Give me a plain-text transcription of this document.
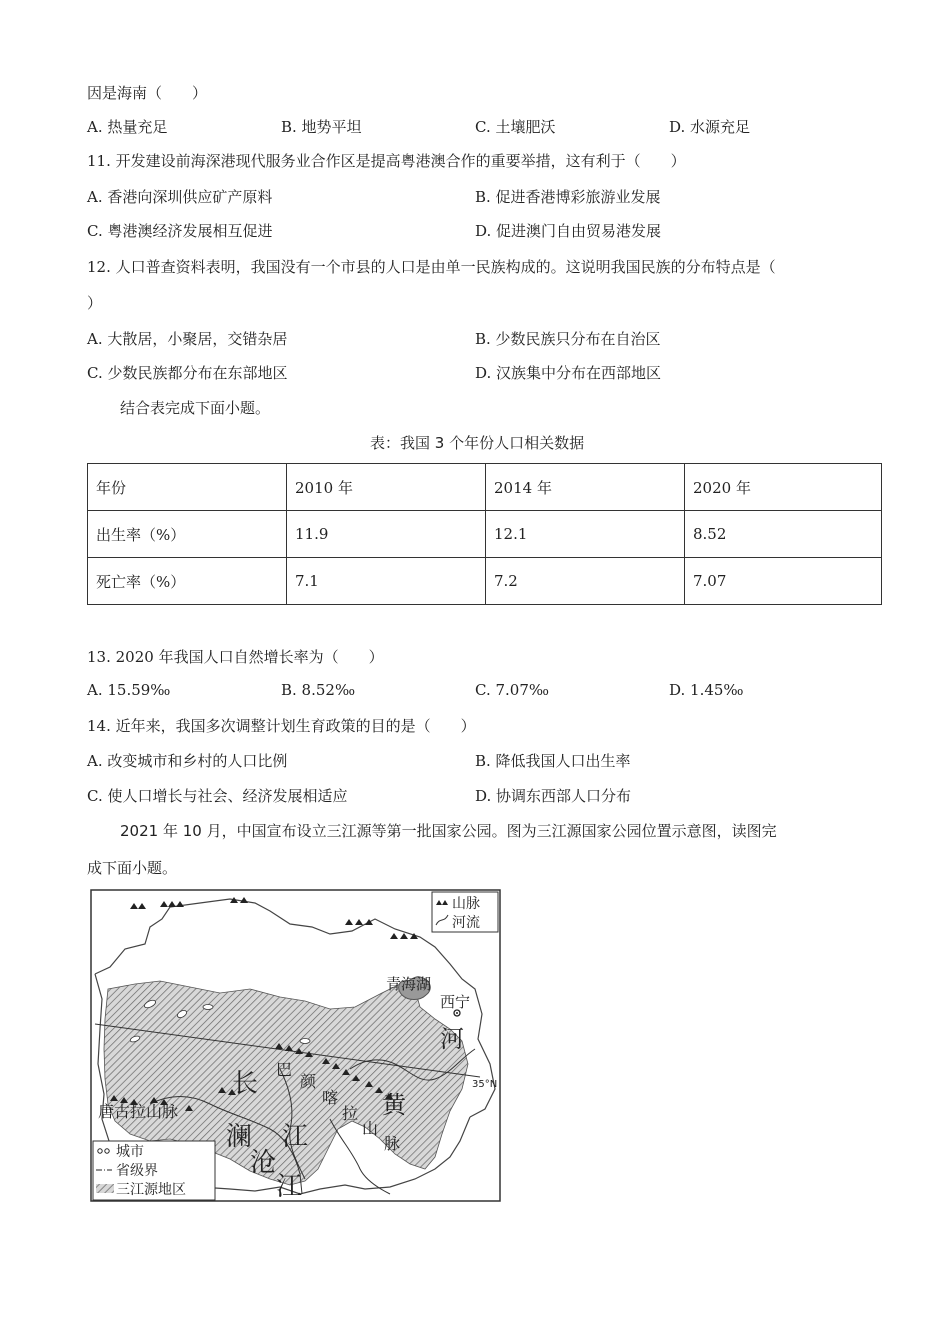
因是海南（　　）
A. 热量充足	B. 地势平坦	C. 土壤肥沃	D. 水源充足
11. 开发建设前海深港现代服务业合作区是提高粤港澳合作的重要举措，这有利于（　　）
A. 香港向深圳供应矿产原料	B. 促进香港博彩旅游业发展
C. 粤港澳经济发展相互促进	D. 促进澳门自由贸易港发展
12. 人口普查资料表明，我国没有一个市县的人口是由单一民族构成的。这说明我国民族的分布特点是（
）
A. 大散居，小聚居，交错杂居	B. 少数民族只分布在自治区
C. 少数民族都分布在东部地区	D. 汉族集中分布在西部地区
结合表完成下面小题。
表：我国 3 个年份人口相关数据
年份	2010 年	2014 年	2020 年
出生率（%）	11.9	12.1	8.52
死亡率（%）	7.1	7.2	7.07
13. 2020 年我国人口自然增长率为（　　）
A. 15.59‰	B. 8.52‰	C. 7.07‰	D. 1.45‰
14. 近年来，我国多次调整计划生育政策的目的是（　　）
A. 改变城市和乡村的人口比例	B. 降低我国人口出生率
C. 使人口增长与社会、经济发展相适应	D. 协调东西部人口分布
2021 年 10 月，中国宣布设立三江源等第一批国家公园。图为三江源国家公园位置示意图，读图完
成下面小题。
山脉
河流
城市
省级界
三江源地区
青海湖
西宁
河
黄
35°N
巴
颜
喀
拉
山
脉
唐古拉山脉
长
江
澜
沧
江
